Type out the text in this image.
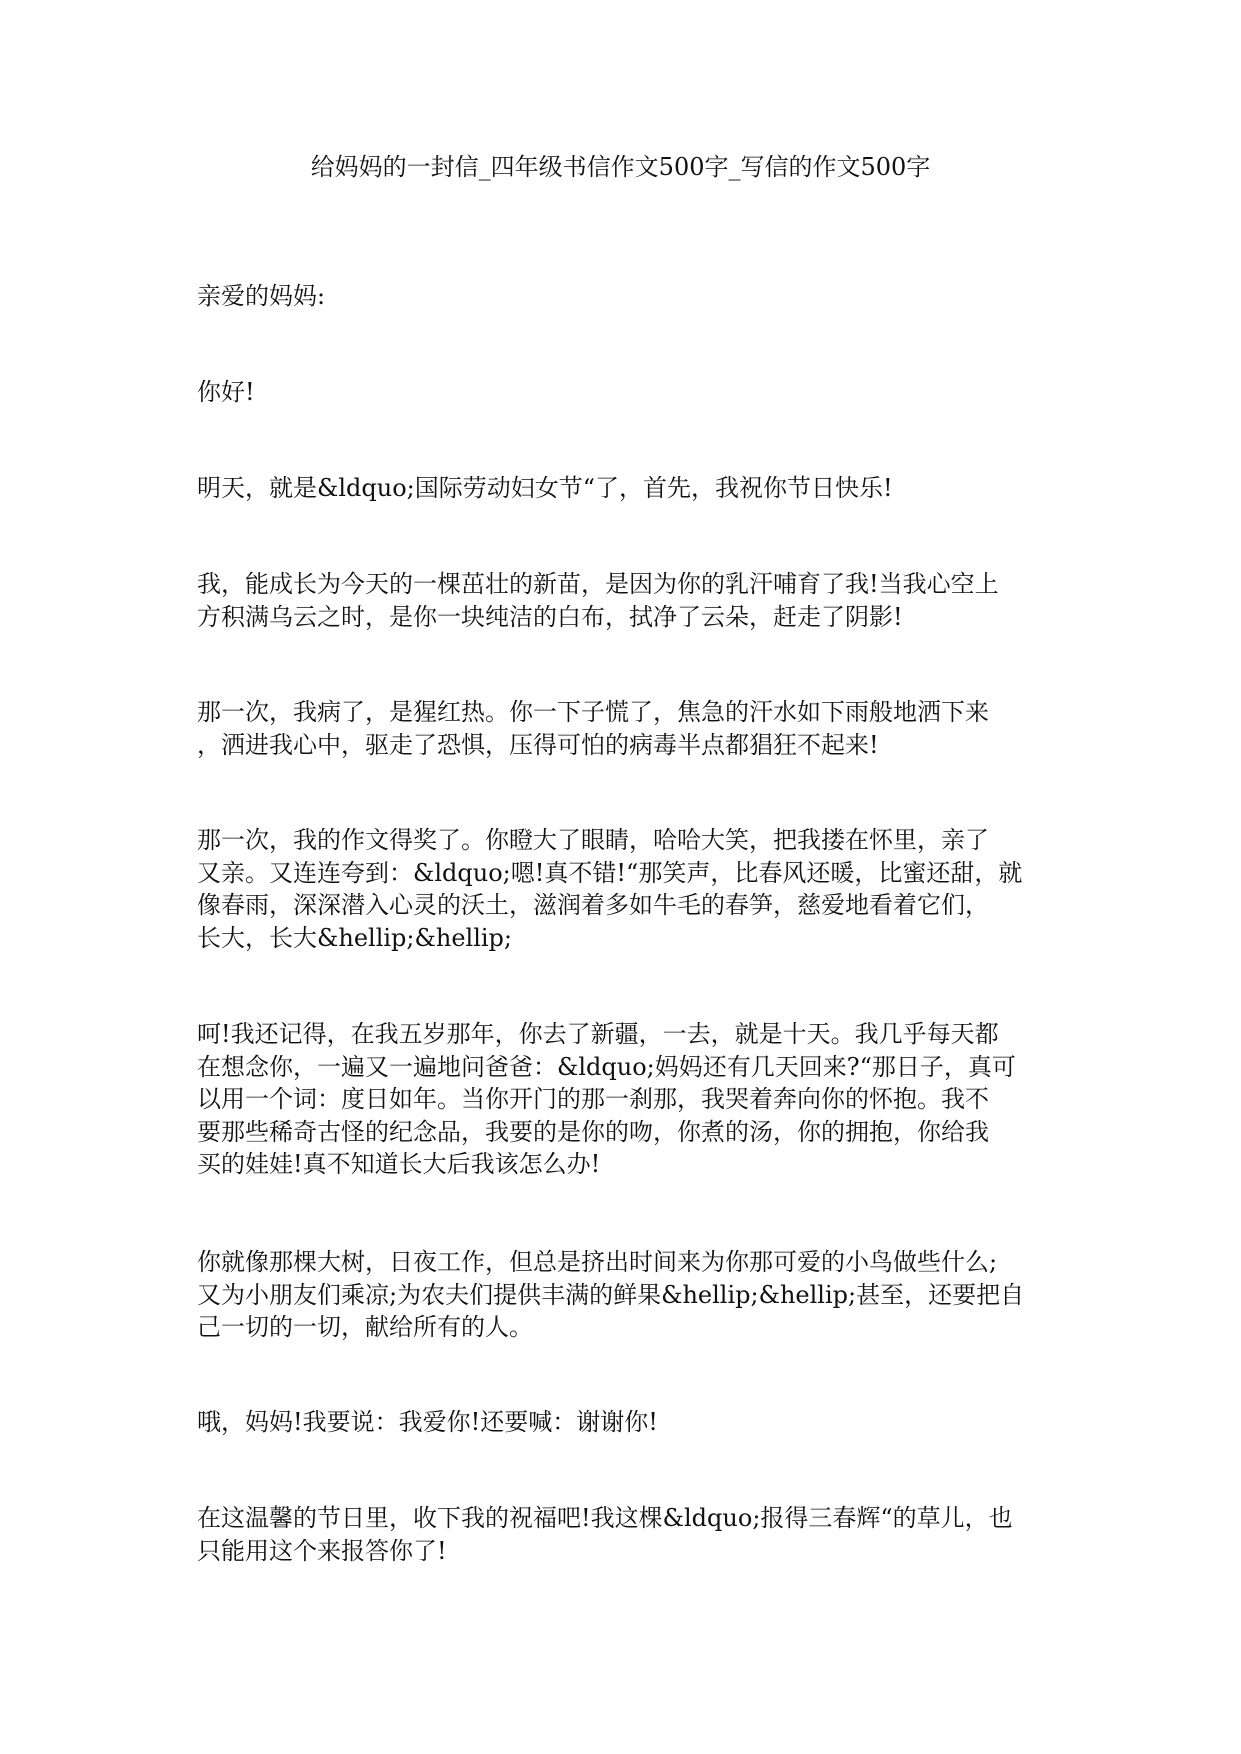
给妈妈的一封信_四年级书信作文500字_写信的作文500字

亲爱的妈妈:

你好!

明天，就是&ldquo;国际劳动妇女节“了，首先，我祝你节日快乐!

我，能成长为今天的一棵茁壮的新苗，是因为你的乳汗哺育了我!当我心空上
方积满乌云之时，是你一块纯洁的白布，拭净了云朵，赶走了阴影!

那一次，我病了，是猩红热。你一下子慌了，焦急的汗水如下雨般地洒下来
，洒进我心中，驱走了恐惧，压得可怕的病毒半点都猖狂不起来!

那一次，我的作文得奖了。你瞪大了眼睛，哈哈大笑，把我搂在怀里，亲了
又亲。又连连夸到：&ldquo;嗯!真不错!“那笑声，比春风还暖，比蜜还甜，就
像春雨，深深潜入心灵的沃土，滋润着多如牛毛的春笋，慈爱地看着它们，
长大，长大&hellip;&hellip;

呵!我还记得，在我五岁那年，你去了新疆，一去，就是十天。我几乎每天都
在想念你，一遍又一遍地问爸爸：&ldquo;妈妈还有几天回来?“那日子，真可
以用一个词：度日如年。当你开门的那一刹那，我哭着奔向你的怀抱。我不
要那些稀奇古怪的纪念品，我要的是你的吻，你煮的汤，你的拥抱，你给我
买的娃娃!真不知道长大后我该怎么办!

你就像那棵大树，日夜工作，但总是挤出时间来为你那可爱的小鸟做些什么;
又为小朋友们乘凉;为农夫们提供丰满的鲜果&hellip;&hellip;甚至，还要把自
己一切的一切，献给所有的人。

哦，妈妈!我要说：我爱你!还要喊：谢谢你!

在这温馨的节日里，收下我的祝福吧!我这棵&ldquo;报得三春辉“的草儿，也
只能用这个来报答你了!
